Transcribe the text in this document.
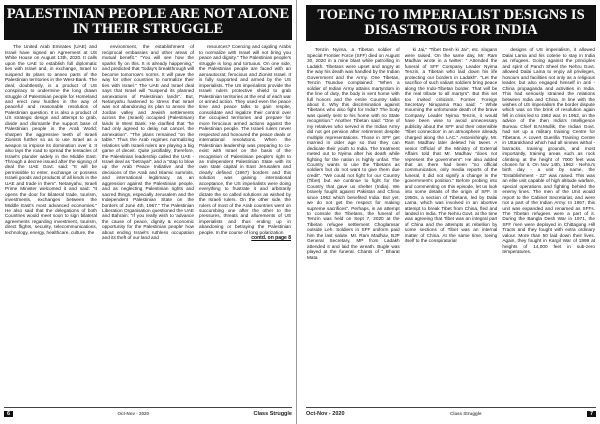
PALESTINIAN PEOPLE ARE NOT ALONE IN THEIR STRUGGLE

The United Arab Emirates (UAE) and Israel have signed an Agreement at US White House on August 13th, 2020. It calls upon the UAE to establish full diplomatic ties with Israel and, in exchange, Israel to suspend its plans to annex parts of the Palestinian territories in the West-Bank. The deal, doubtlessly, is a product of US conspiracy to undermine the long drawn struggle of Palestinian people for Homeland and erect new hurdles in the way of peaceful and reasonable resolution of Palestinian question. It is also a product of US strategic design and attempt to grab, divide and dismantle the support base of Palestinian people in the Arab World; sharpen the aggressive teeth of Israeli Zionists further so as to use Israel as a weapon to impose its domination over it. It also lays the road to spread the tentacles of Israel's plunder widely in the Middle East. Through a decree issued after the signing of deal the UAE Govt. said: "It will be permissible to enter, exchange or possess Israeli goods and products of all kinds in the UAE and trade in them". Netanyahu, Israeli Prime Minister welcomed it and said: "It opens the door for bilateral trade, tourism, investments, exchanges between the Middle East's most advanced economies." He also said that the delegations of both Countries would meet soon to sign bilateral agreements regarding investment, tourism, direct flights, security, telecommunications, technology, energy, healthcare, culture, the

environment, the establishment of reciprocal embassies and other areas of mutual benefit." "You will see how the sparks fly on this. It is already happening," and predicted that "today's breakthrough will become tomorrow's norms. It will pave the way for other countries to normalize their ties with Israel." The UAE and Israel deal says that Israel will "suspend its planned annexations of Palestinian lands". But, Netanyahu hastened to stress that Israel was not abandoning its plan to annex the Jordan valley and Jewish settlements across the (Israeli) occupied (Palestinian) lands in West Bank. He clarified that "he had only agreed to delay not cancel, the annexation". "The plans remained "on the table." Thus the Arab regimes normalizing relations with Israeli rulers are playing a big game of deceit. Quite justifiably, therefore, the Palestinian leadership called the UAE - Israel deal as "betrayal", and a "stap to blow up the Arab Peace Initiative and the decisions of the Arab and Islamic summits, and international legitimacy, as an aggression against the Palestinian people, and as neglecting Palestinian rights and sacred things, especially Jerusalem and the Independent Palestinian State on the borders of June 4th, 1967." The Palestinian Liberation Organisation questioned the UAE and Bahrain: "If you really wish to 'advance the cause of peace, dignity & economic opportunity for the Palestinian people' how about ending Israel's ruthless occupation and its theft of our land and

resources? Coercing and cajoling Arabs to normalize with Israel will not bring you peace and dignity." The Palestinian people's struggle is long and tortuous. On one side, the Palestinian people are faced with an aeroautocrat, ferocious and Zionist Israel. It is fully supported and armed by the US imperialists. The US imperialists provide the Israeli rulers protective shield to grab Palestinian territories at the end of each war or armed action. They used even the peace time and peace talks to gain respite, consolidate and legalize their control over the occupied territories and prepare for more ferocious armed actions against the Palestinian people. The Israeli rulers never respected and honoured the peace deals or international resolutions. When the Palestinian leadership was preparing to co-exist with Israel on the basis of the recognition of Palestinian people's right to an Independent Palestinian State with its own state capital in East Jerusalem and clearly defined (1967) borders and this solution was gaining international acceptance, the US imperialists were doing everything to frustrate it and arbitrarily dictate the so called solutions as wished by the Israeli rulers. On the other side, the rulers of most of the Arab countries went on succumbing one after the other to the pressures, threats and allurements of US imperialists and thus ending up in abandoning or betraying the Palestinian people. In the course of long polarization

contd. on page 8
6	Oct-Nov - 2020	Class Struggle
TOEING TO IMPERIALIST DESIGNS IS DISASTROUS FOR INDIA

Tenzin Nyima, a Tibetan soldier of Special Frontier Force (SFF) died on August 30, 2020 in a mine blast while patrolling in Ladakh. Tibetans were upset and angry at the way his death was handled by the Indian Government and the Army. One Tibetan, Tenzin Tsundue complained: "When a soldier of Indian Army attains martyrdom in the line of duty, the body is sent home with full honors and the entire Country talks about it. Why this discrimination against Tibetans who also fight for India? The body was quietly sent to his home with no State recognition." Another Tibetan said: "One of my relatives who served in the Indian Army did not get pension after retirement despite multiple representations. Those in SFF get married in older age so that they can dedicate their youth to India. The treatment meted out to Nyima after his death while fighting for the nation is highly unfair. The Country wants to use the Tibetans as soldiers but do not want to give them due credit". "We could not fight for our Country (Tibet) but we continue to fight for the Country that gave us shelter (India). We bravely fought against Pakistan and China since 1962 which benefited India. But yet, we do not get the respect for making supreme sacrifices". Perhaps, in an attempt to console the Tibetans, the funeral of Tenzin was held on Sept 7, 2020 at the Tibetan refugee settlement Choglamsar outside Leh. Soldiers in SFF uniform paid him the last salute. Mr. Ram Madhav, BJP General Secretary, MP from Ladakh attended it and laid the wreath. Bugle was played at the funeral. Chants of " Bharat Mata

ki Jai," "Tibet Desh ki Jai", etc. slogans were raised. On the same day, Mr. Ram Madhav wrote in a twitter: " Attended the funeral of SFF Company Leader Nyima Tenzin, a Tibetan who laid down his life protecting our borders in Ladakh". "Let the sacrifice of such valiant soldiers bring peace along the Indo-Tibetan border. That will be the real tribute to all martyrs". But this set too invited criticism. Former Foreign Secretary Nirupama Rao said: " While mourning the unfortunate death of the brave Company Leader Nyima Tenzin, it would have been wise to avoid unnecessary publicity about the SFF and their ostensible 'Tibet connection' in an atmosphere already charged along the LAC." Astonishingly, Mr. Ram Madhav later deleted his tweet. A senior Official of the Ministry of External Affairs told that Mr. Madhav "does not represent the government". He also added that as there had been "no official communication, only media reports of the funeral, it did not signify a change in the government's position." Before probing into and commenting on this episode, let us look into some details of the origin of SFF. In 1950s, a section of Tibetans, led by Dalai Lama, which was involved in an abortive attempt to break Tibet from China, fled and landed in India. The Nehru Govt. at the time was agreeing that Tibet was an integral part of China and the attempts at rebellion by some sections of Tibet was an internal matter of China. At the same time, toeing itself to the conspiratorial

designs of US imperialism, it allowed Dalai Lama and his coterie to stay in India as refugees. Going against the principles and spirit of Panch Sheel the Nehru Govt. allowed Dalai Lama to enjoy all privileges, honours and facilities not only as a religious leader, but also engaged himself in anti - China propaganda and activities in India. This had seriously strained the relations between India and China. In line with the wishes of US imperialism the border dispute which was on the brink of resolution again fell in crisis led to 1962 war. In 1962, on the advice of the then India's Intelligence Bureau Chief B.N.Mullik, the Indian Govt. had set up a military training Centre for Tibetans. A covert Guerilla Training Centre in Uttarakhand which had all sinews withal - barracks, training grounds, and most importantly, training areas such as rock climbing at the height of 7000 feet was chosen for it. On Nov 14th, 1962 - Nehru's birth day - a unit by name, the "Establishment - 22" was raised. This was an elite unit capable of high altitude warfare, special operations and fighting behind the enemy lines. The men of the Unit would report to the Cabinet Secretariat, and were not a part of the Indian Army. In 1967, this unit was expanded and renamed as SFFs. The Tibetan refugees were a part of it. During the Bangla Desh War in 1971, the SFF men were deployed in Chittagong Hill Tracts and they fought with extra ordinary valour. More than 50 laid down their lives. Again, they fought in Kargil War of 1999 at heights of 14,000 feet in sub-zero temperatures.

Oct-Nov - 2020	Class Struggle	7
